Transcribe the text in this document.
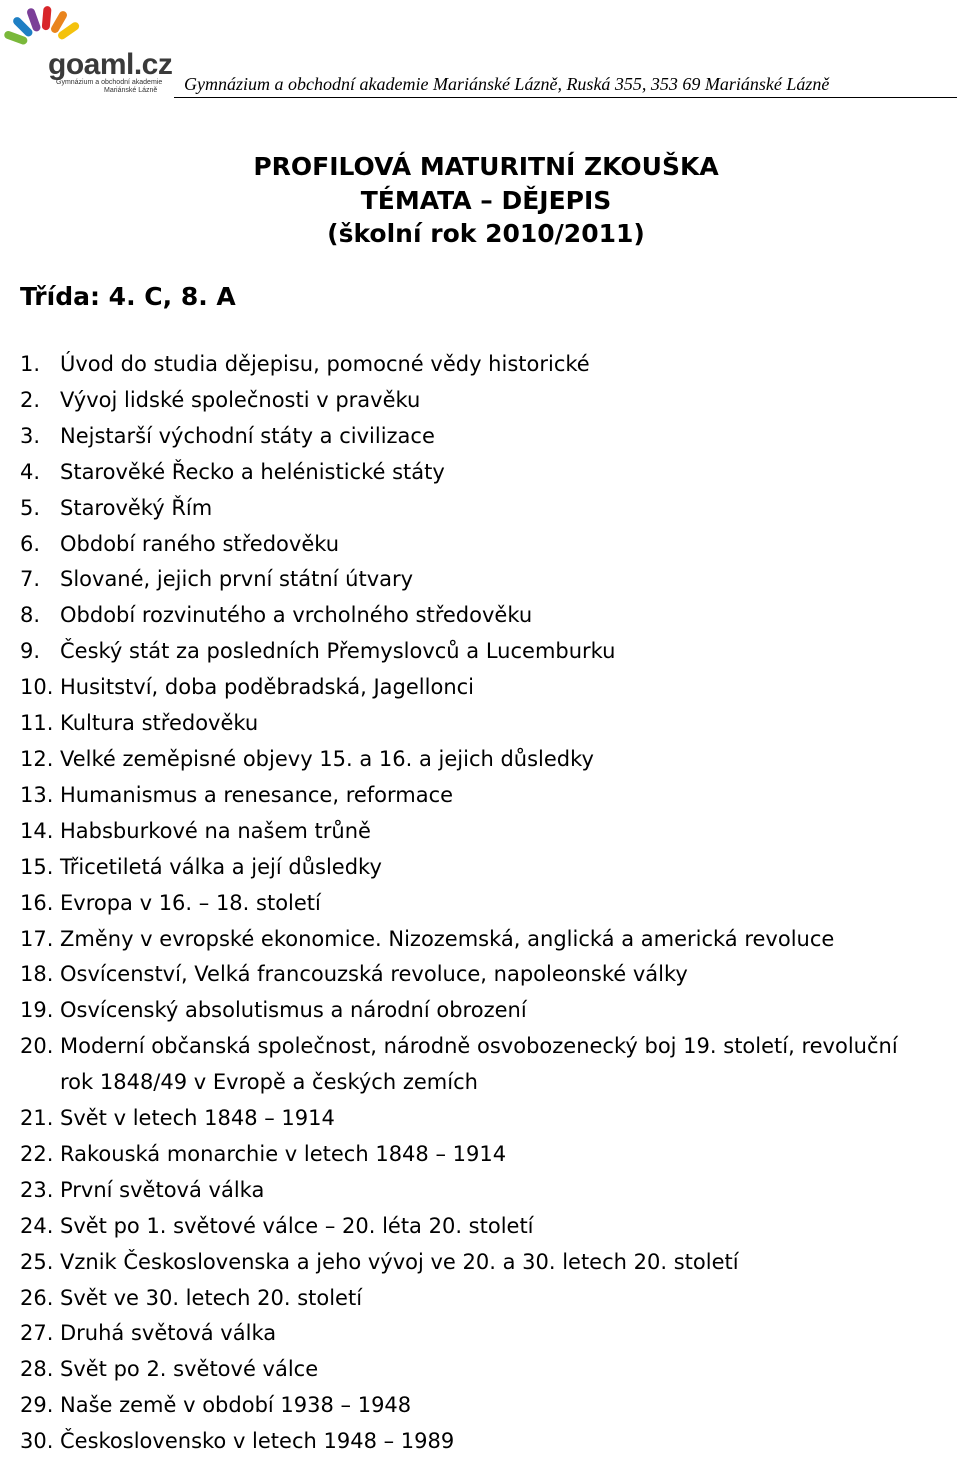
goaml.cz
Gymnázium a obchodní akademie
Mariánské Lázně Gymnázium a obchodní akademie Mariánské Lázně, Ruská 355, 353 69 Mariánské Lázně
PROFILOVÁ MATURITNÍ ZKOUŠKA
TÉMATA – DĚJEPIS
(školní rok 2010/2011)
Třída: 4. C, 8. A
1. Úvod do studia dějepisu, pomocné vědy historické
2. Vývoj lidské společnosti v pravěku
3. Nejstarší východní státy a civilizace
4. Starověké Řecko a helénistické státy
5. Starověký Řím
6. Období raného středověku
7. Slované, jejich první státní útvary
8. Období rozvinutého a vrcholného středověku
9. Český stát za posledních Přemyslovců a Lucemburku
10. Husitství, doba poděbradská, Jagellonci
11. Kultura středověku
12. Velké zeměpisné objevy 15. a 16. a jejich důsledky
13. Humanismus a renesance, reformace
14. Habsburkové na našem trůně
15. Třicetiletá válka a její důsledky
16. Evropa v 16. – 18. století
17. Změny v evropské ekonomice. Nizozemská, anglická a americká revoluce
18. Osvícenství, Velká francouzská revoluce, napoleonské války
19. Osvícenský absolutismus a národní obrození
20. Moderní občanská společnost, národně osvobozenecký boj 19. století, revoluční rok 1848/49 v Evropě a českých zemích
21. Svět v letech 1848 – 1914
22. Rakouská monarchie v letech 1848 – 1914
23. První světová válka
24. Svět po 1. světové válce – 20. léta 20. století
25. Vznik Československa a jeho vývoj ve 20. a 30. letech 20. století
26. Svět ve 30. letech 20. století
27. Druhá světová válka
28. Svět po 2. světové válce
29. Naše země v období 1938 – 1948
30. Československo v letech 1948 – 1989
